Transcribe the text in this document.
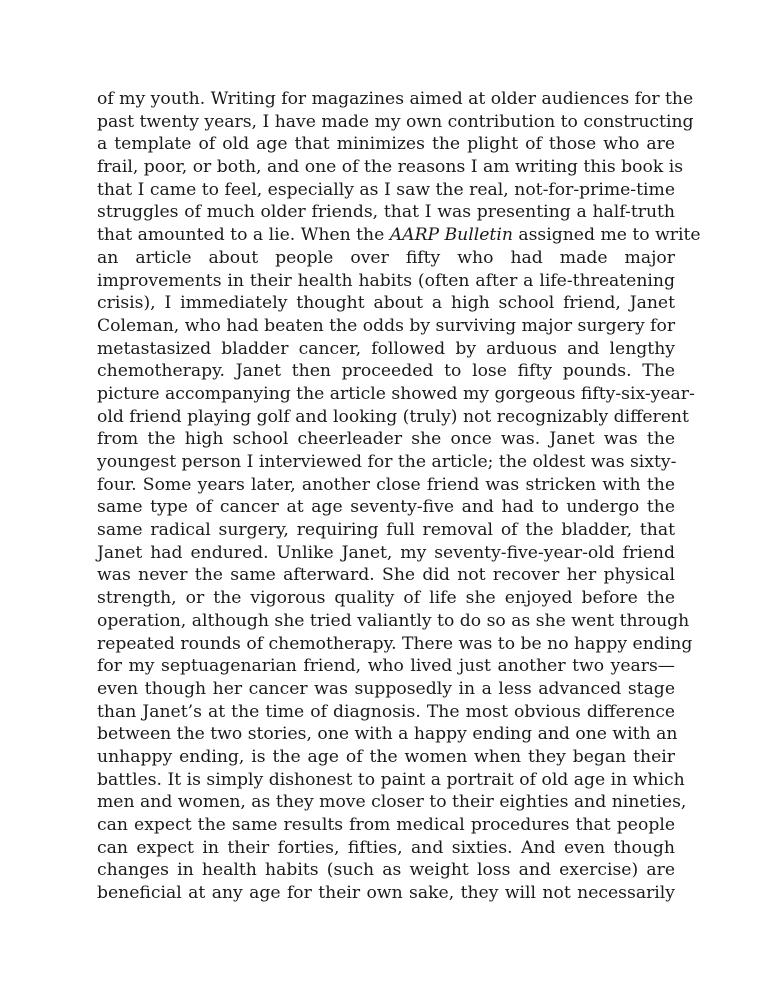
of my youth. Writing for magazines aimed at older audiences for the
past twenty years, I have made my own contribution to constructing
a template of old age that minimizes the plight of those who are
frail, poor, or both, and one of the reasons I am writing this book is
that I came to feel, especially as I saw the real, not-for-prime-time
struggles of much older friends, that I was presenting a half-truth
that amounted to a lie. When the AARP Bulletin assigned me to write
an article about people over fifty who had made major
improvements in their health habits (often after a life-threatening
crisis), I immediately thought about a high school friend, Janet
Coleman, who had beaten the odds by surviving major surgery for
metastasized bladder cancer, followed by arduous and lengthy
chemotherapy. Janet then proceeded to lose fifty pounds. The
picture accompanying the article showed my gorgeous fifty-six-year-
old friend playing golf and looking (truly) not recognizably different
from the high school cheerleader she once was. Janet was the
youngest person I interviewed for the article; the oldest was sixty-
four. Some years later, another close friend was stricken with the
same type of cancer at age seventy-five and had to undergo the
same radical surgery, requiring full removal of the bladder, that
Janet had endured. Unlike Janet, my seventy-five-year-old friend
was never the same afterward. She did not recover her physical
strength, or the vigorous quality of life she enjoyed before the
operation, although she tried valiantly to do so as she went through
repeated rounds of chemotherapy. There was to be no happy ending
for my septuagenarian friend, who lived just another two years—
even though her cancer was supposedly in a less advanced stage
than Janet’s at the time of diagnosis. The most obvious difference
between the two stories, one with a happy ending and one with an
unhappy ending, is the age of the women when they began their
battles. It is simply dishonest to paint a portrait of old age in which
men and women, as they move closer to their eighties and nineties,
can expect the same results from medical procedures that people
can expect in their forties, fifties, and sixties. And even though
changes in health habits (such as weight loss and exercise) are
beneficial at any age for their own sake, they will not necessarily
